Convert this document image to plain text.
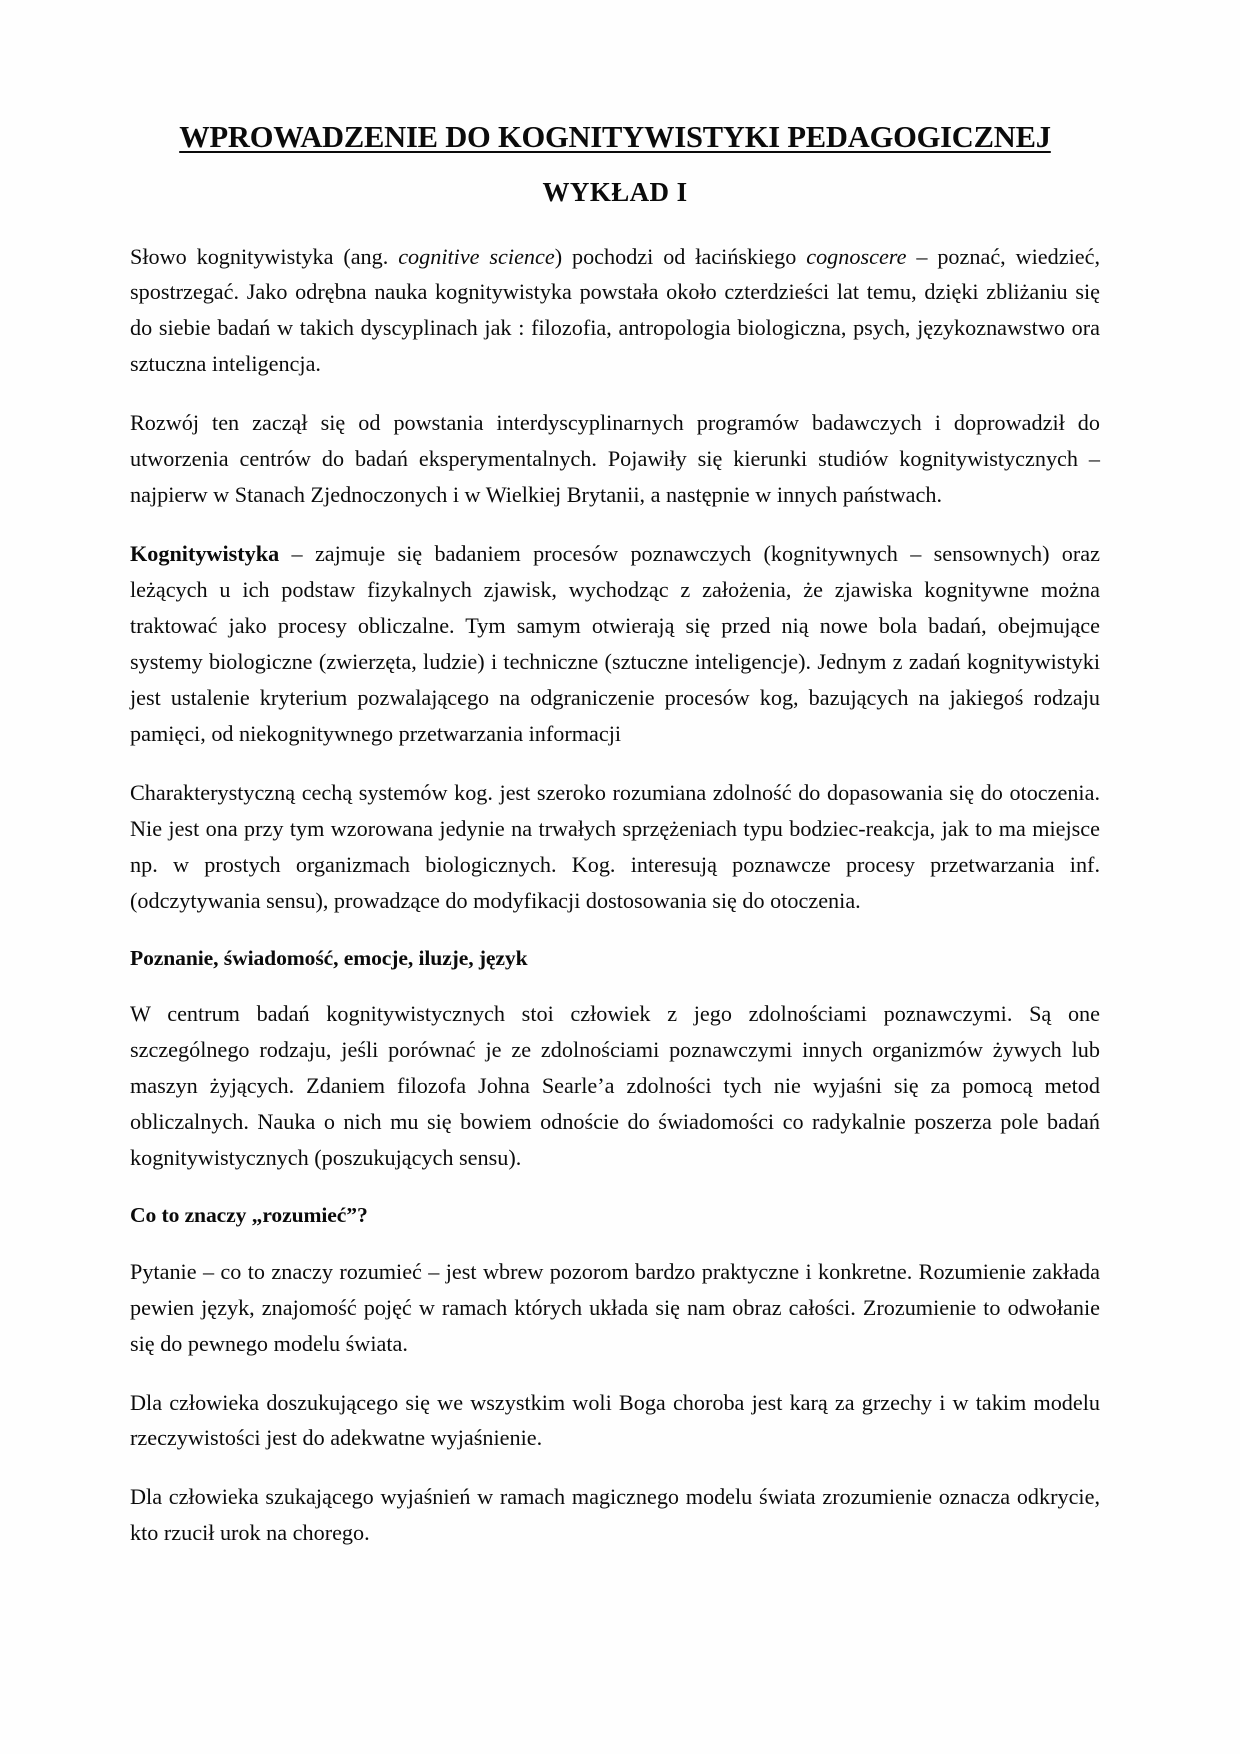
WPROWADZENIE DO KOGNITYWISTYKI PEDAGOGICZNEJ
WYKŁAD I

Słowo kognitywistyka (ang. cognitive science) pochodzi od łacińskiego cognoscere – poznać, wiedzieć, spostrzegać. Jako odrębna nauka kognitywistyka powstała około czterdzieści lat temu, dzięki zbliżaniu się do siebie badań w takich dyscyplinach jak : filozofia, antropologia biologiczna, psych, językoznawstwo ora sztuczna inteligencja.

Rozwój ten zaczął się od powstania interdyscyplinarnych programów badawczych i doprowadził do utworzenia centrów do badań eksperymentalnych. Pojawiły się kierunki studiów kognitywistycznych – najpierw w Stanach Zjednoczonych i w Wielkiej Brytanii, a następnie w innych państwach.

Kognitywistyka – zajmuje się badaniem procesów poznawczych (kognitywnych – sensownych) oraz leżących u ich podstaw fizykalnych zjawisk, wychodząc z założenia, że zjawiska kognitywne można traktować jako procesy obliczalne. Tym samym otwierają się przed nią nowe bola badań, obejmujące systemy biologiczne (zwierzęta, ludzie) i techniczne (sztuczne inteligencje). Jednym z zadań kognitywistyki jest ustalenie kryterium pozwalającego na odgraniczenie procesów kog, bazujących na jakiegoś rodzaju pamięci, od niekognitywnego przetwarzania informacji

Charakterystyczną cechą systemów kog. jest szeroko rozumiana zdolność do dopasowania się do otoczenia. Nie jest ona przy tym wzorowana jedynie na trwałych sprzężeniach typu bodziec-reakcja, jak to ma miejsce np. w prostych organizmach biologicznych. Kog. interesują poznawcze procesy przetwarzania inf. (odczytywania sensu), prowadzące do modyfikacji dostosowania się do otoczenia.

Poznanie, świadomość, emocje, iluzje, język

W centrum badań kognitywistycznych stoi człowiek z jego zdolnościami poznawczymi. Są one szczególnego rodzaju, jeśli porównać je ze zdolnościami poznawczymi innych organizmów żywych lub maszyn żyjących. Zdaniem filozofa Johna Searle’a zdolności tych nie wyjaśni się za pomocą metod obliczalnych. Nauka o nich mu się bowiem odnoście do świadomości co radykalnie poszerza pole badań kognitywistycznych (poszukujących sensu).

Co to znaczy „rozumieć”?

Pytanie – co to znaczy rozumieć – jest wbrew pozorom bardzo praktyczne i konkretne. Rozumienie zakłada pewien język, znajomość pojęć w ramach których układa się nam obraz całości. Zrozumienie to odwołanie się do pewnego modelu świata.

Dla człowieka doszukującego się we wszystkim woli Boga choroba jest karą za grzechy i w takim modelu rzeczywistości jest do adekwatne wyjaśnienie.

Dla człowieka szukającego wyjaśnień w ramach magicznego modelu świata zrozumienie oznacza odkrycie, kto rzucił urok na chorego.
